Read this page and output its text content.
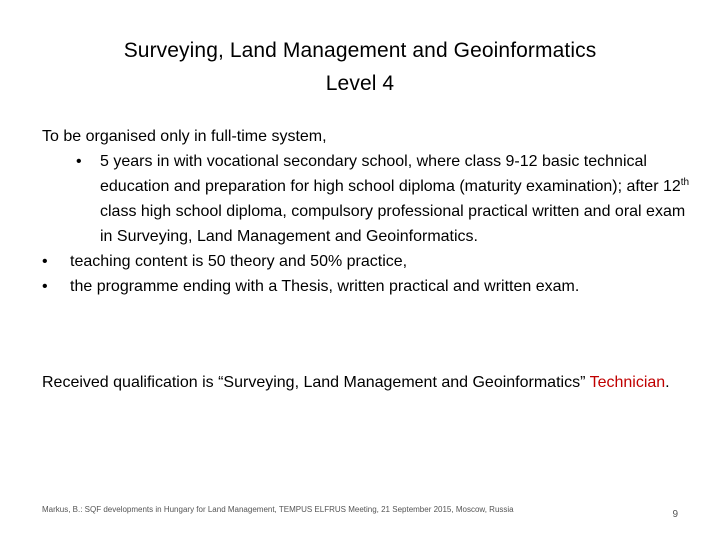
Surveying, Land Management and Geoinformatics
Level 4

To be organised only in full-time system,

•	5 years in with vocational secondary school, where class 9-12 basic technical education and preparation for high school diploma (maturity examination); after 12th class high school diploma, compulsory professional practical written and oral exam in Surveying, Land Management and Geoinformatics.

•	teaching content is 50 theory and 50% practice,

•	the programme ending with a Thesis, written practical and written exam.

Received qualification is “Surveying, Land Management and Geoinformatics” Technician.
Markus, B.: SQF developments in Hungary for Land Management, TEMPUS ELFRUS Meeting, 21 September 2015, Moscow, Russia	9
